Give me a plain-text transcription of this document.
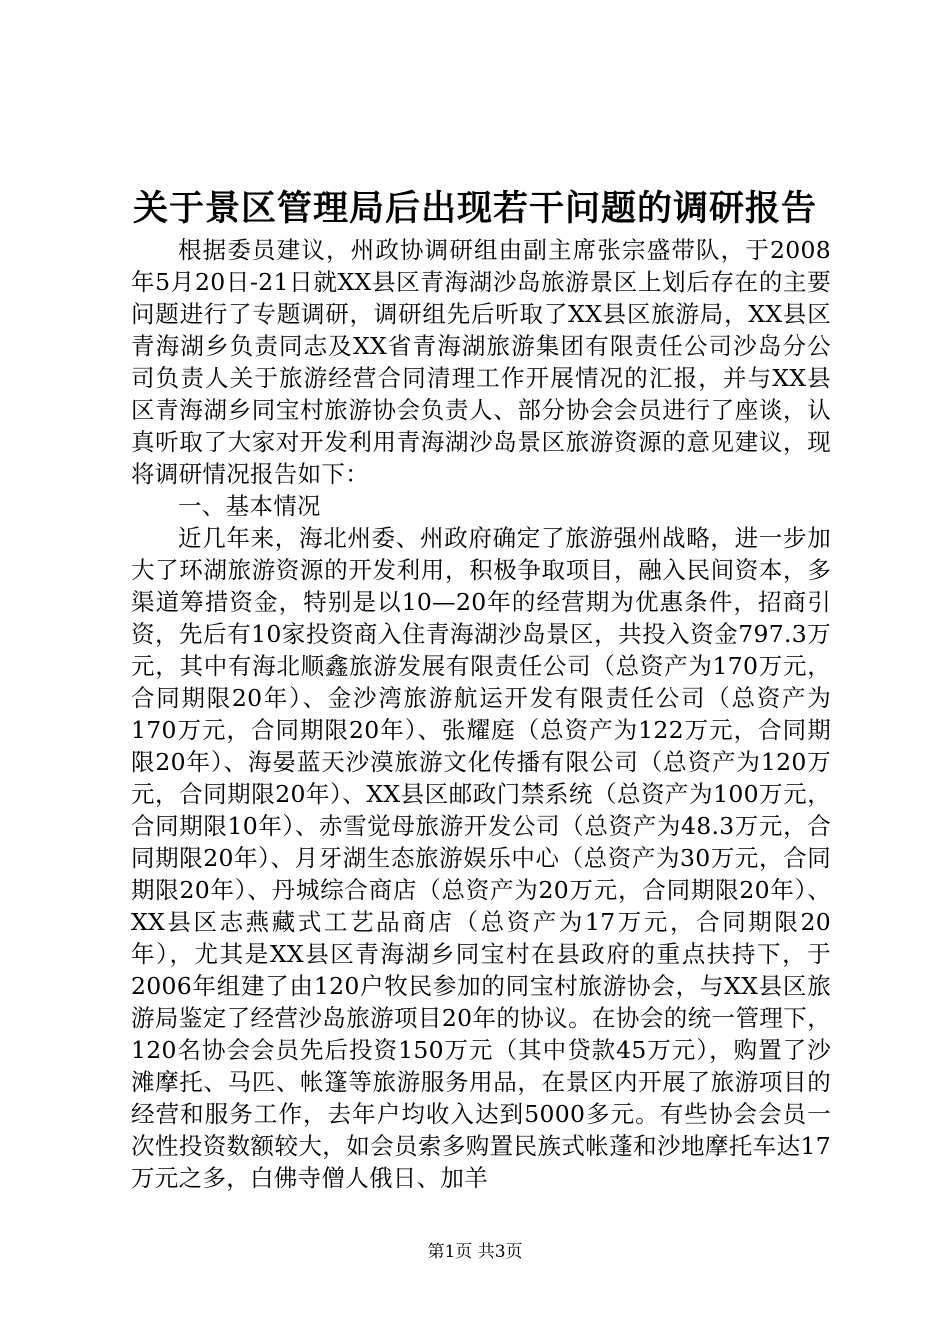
关于景区管理局后出现若干问题的调研报告

根据委员建议，州政协调研组由副主席张宗盛带队，于2008年5月20日-21日就XX县区青海湖沙岛旅游景区上划后存在的主要问题进行了专题调研，调研组先后听取了XX县区旅游局，XX县区青海湖乡负责同志及XX省青海湖旅游集团有限责任公司沙岛分公司负责人关于旅游经营合同清理工作开展情况的汇报，并与XX县区青海湖乡同宝村旅游协会负责人、部分协会会员进行了座谈，认真听取了大家对开发利用青海湖沙岛景区旅游资源的意见建议，现将调研情况报告如下：

一、基本情况

近几年来，海北州委、州政府确定了旅游强州战略，进一步加大了环湖旅游资源的开发利用，积极争取项目，融入民间资本，多渠道筹措资金，特别是以10—20年的经营期为优惠条件，招商引资，先后有10家投资商入住青海湖沙岛景区，共投入资金797.3万元，其中有海北顺鑫旅游发展有限责任公司（总资产为170万元，合同期限20年）、金沙湾旅游航运开发有限责任公司（总资产为170万元，合同期限20年）、张耀庭（总资产为122万元，合同期限20年）、海晏蓝天沙漠旅游文化传播有限公司（总资产为120万元，合同期限20年）、XX县区邮政门禁系统（总资产为100万元，合同期限10年）、赤雪觉母旅游开发公司（总资产为48.3万元，合同期限20年）、月牙湖生态旅游娱乐中心（总资产为30万元，合同期限20年）、丹城综合商店（总资产为20万元，合同期限20年）、XX县区志燕藏式工艺品商店（总资产为17万元，合同期限20年），尤其是XX县区青海湖乡同宝村在县政府的重点扶持下，于2006年组建了由120户牧民参加的同宝村旅游协会，与XX县区旅游局鉴定了经营沙岛旅游项目20年的协议。在协会的统一管理下，120名协会会员先后投资150万元（其中贷款45万元），购置了沙滩摩托、马匹、帐篷等旅游服务用品，在景区内开展了旅游项目的经营和服务工作，去年户均收入达到5000多元。有些协会会员一次性投资数额较大，如会员索多购置民族式帐蓬和沙地摩托车达17万元之多，白佛寺僧人俄日、加羊

第1页 共3页
